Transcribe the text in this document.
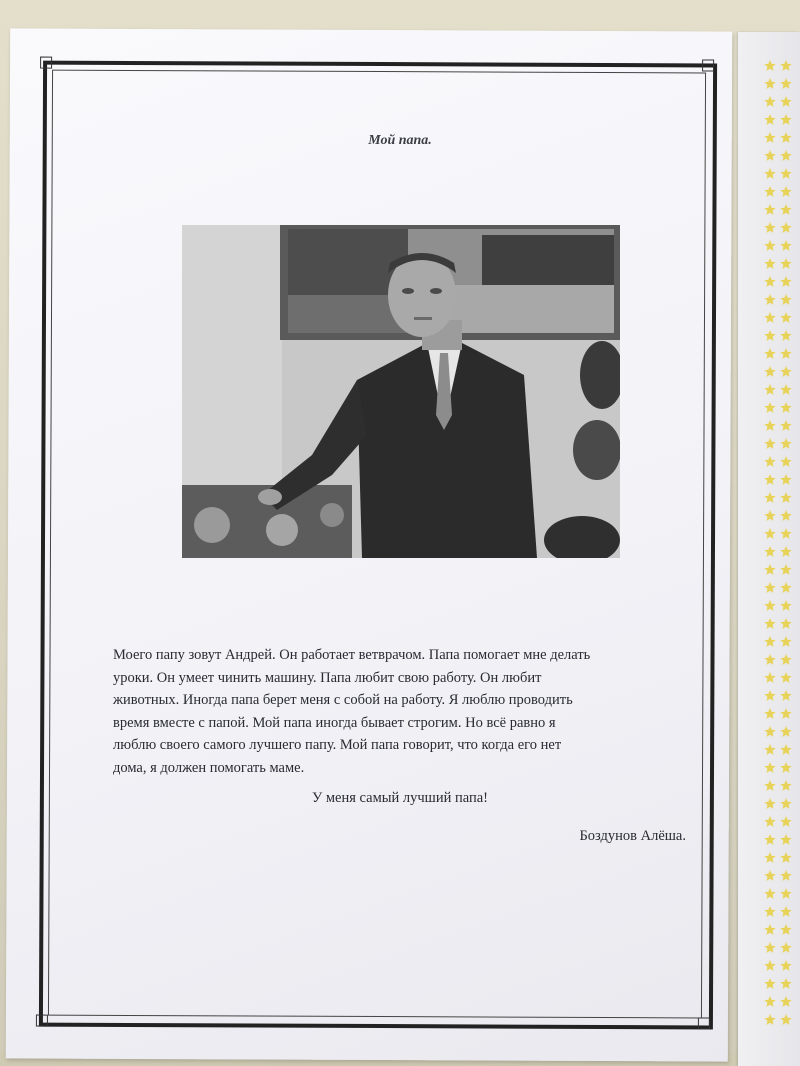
Мой папа.

Моего папу зовут Андрей. Он работает ветврачом. Папа помогает мне делать

уроки. Он умеет чинить машину. Папа любит свою работу. Он любит

животных. Иногда папа берет меня с собой на работу. Я люблю проводить

время вместе с папой. Мой папа иногда бывает строгим. Но всё равно я

люблю своего самого лучшего папу. Мой папа говорит, что когда его нет

дома, я должен помогать маме.

У меня самый лучший папа!
Боздунов Алёша.
